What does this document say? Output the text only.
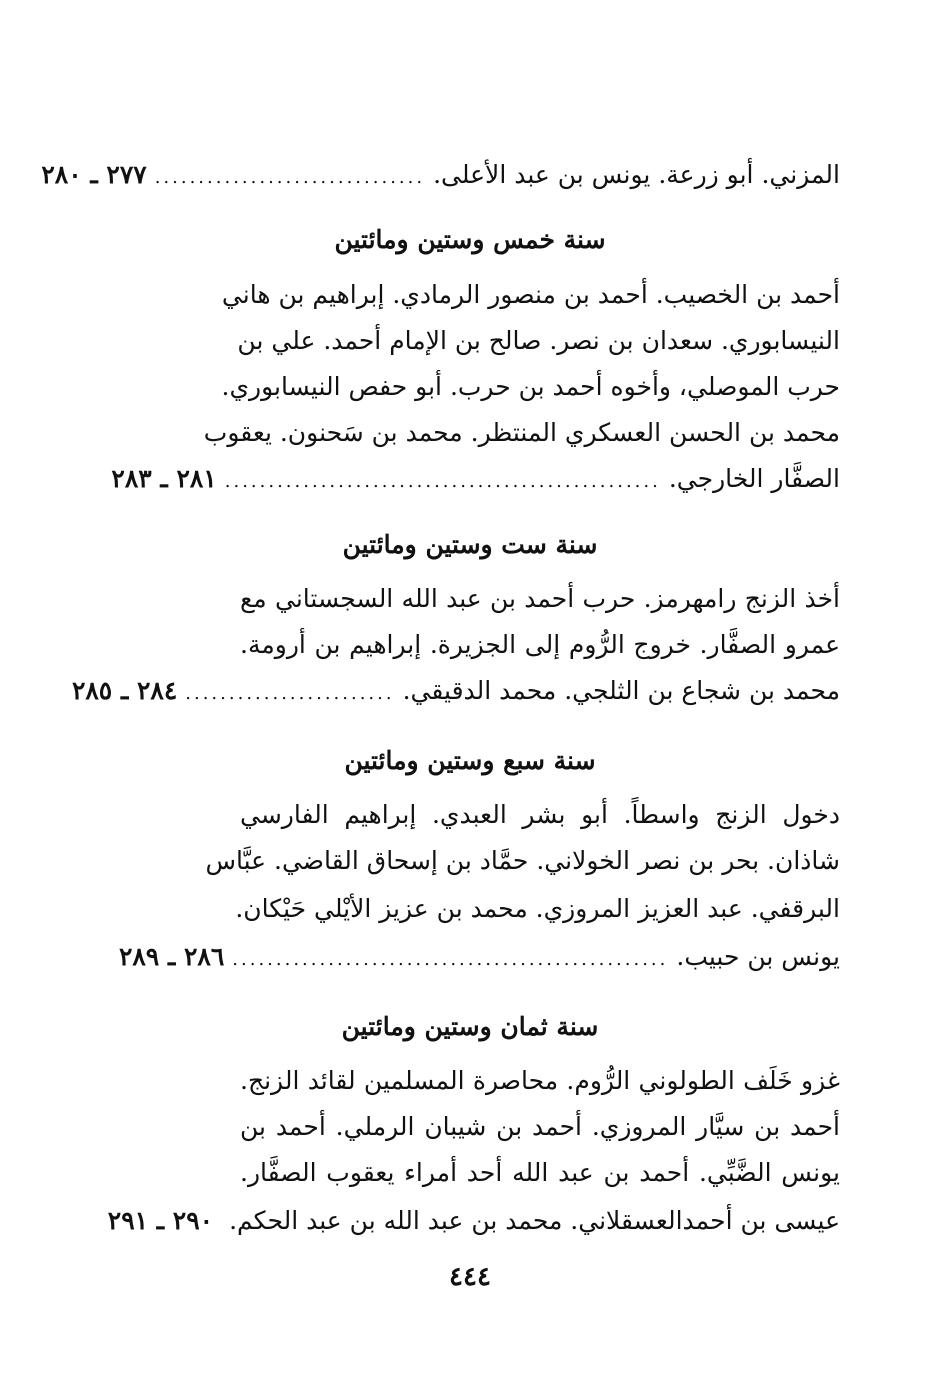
المزني. أبو زرعة. يونس بن عبد الأعلى.
...............................
٢٧٧ ـ ٢٨٠
سنة خمس وستين ومائتين
أحمد بن الخصيب. أحمد بن منصور الرمادي. إبراهيم بن هاني
النيسابوري. سعدان بن نصر. صالح بن الإمام أحمد. علي بن
حرب الموصلي، وأخوه أحمد بن حرب. أبو حفص النيسابوري.
محمد بن الحسن العسكري المنتظر. محمد بن سَحنون. يعقوب
الصفَّار الخارجي.
..................................................
٢٨١ ـ ٢٨٣
سنة ست وستين ومائتين
أخذ الزنج رامهرمز. حرب أحمد بن عبد الله السجستاني مع
عمرو الصفَّار. خروج الرُّوم إلى الجزيرة. إبراهيم بن أرومة.
محمد بن شجاع بن الثلجي. محمد الدقيقي.
........................
٢٨٤ ـ ٢٨٥
سنة سبع وستين ومائتين
دخول الزنج واسطاً. أبو بشر العبدي. إبراهيم الفارسي
شاذان. بحر بن نصر الخولاني. حمَّاد بن إسحاق القاضي. عبَّاس
البرقفي. عبد العزيز المروزي. محمد بن عزيز الأيْلي حَيْكان.
يونس بن حبيب.
..................................................
٢٨٦ ـ ٢٨٩
سنة ثمان وستين ومائتين
غزو خَلَف الطولوني الرُّوم. محاصرة المسلمين لقائد الزنج.
أحمد بن سيَّار المروزي. أحمد بن شيبان الرملي. أحمد بن
يونس الضَّبِّي. أحمد بن عبد الله أحد أمراء يعقوب الصفَّار.
عيسى بن أحمدالعسقلاني. محمد بن عبد الله بن عبد الحكم.
٢٩٠ ـ ٢٩١
٤٤٤
